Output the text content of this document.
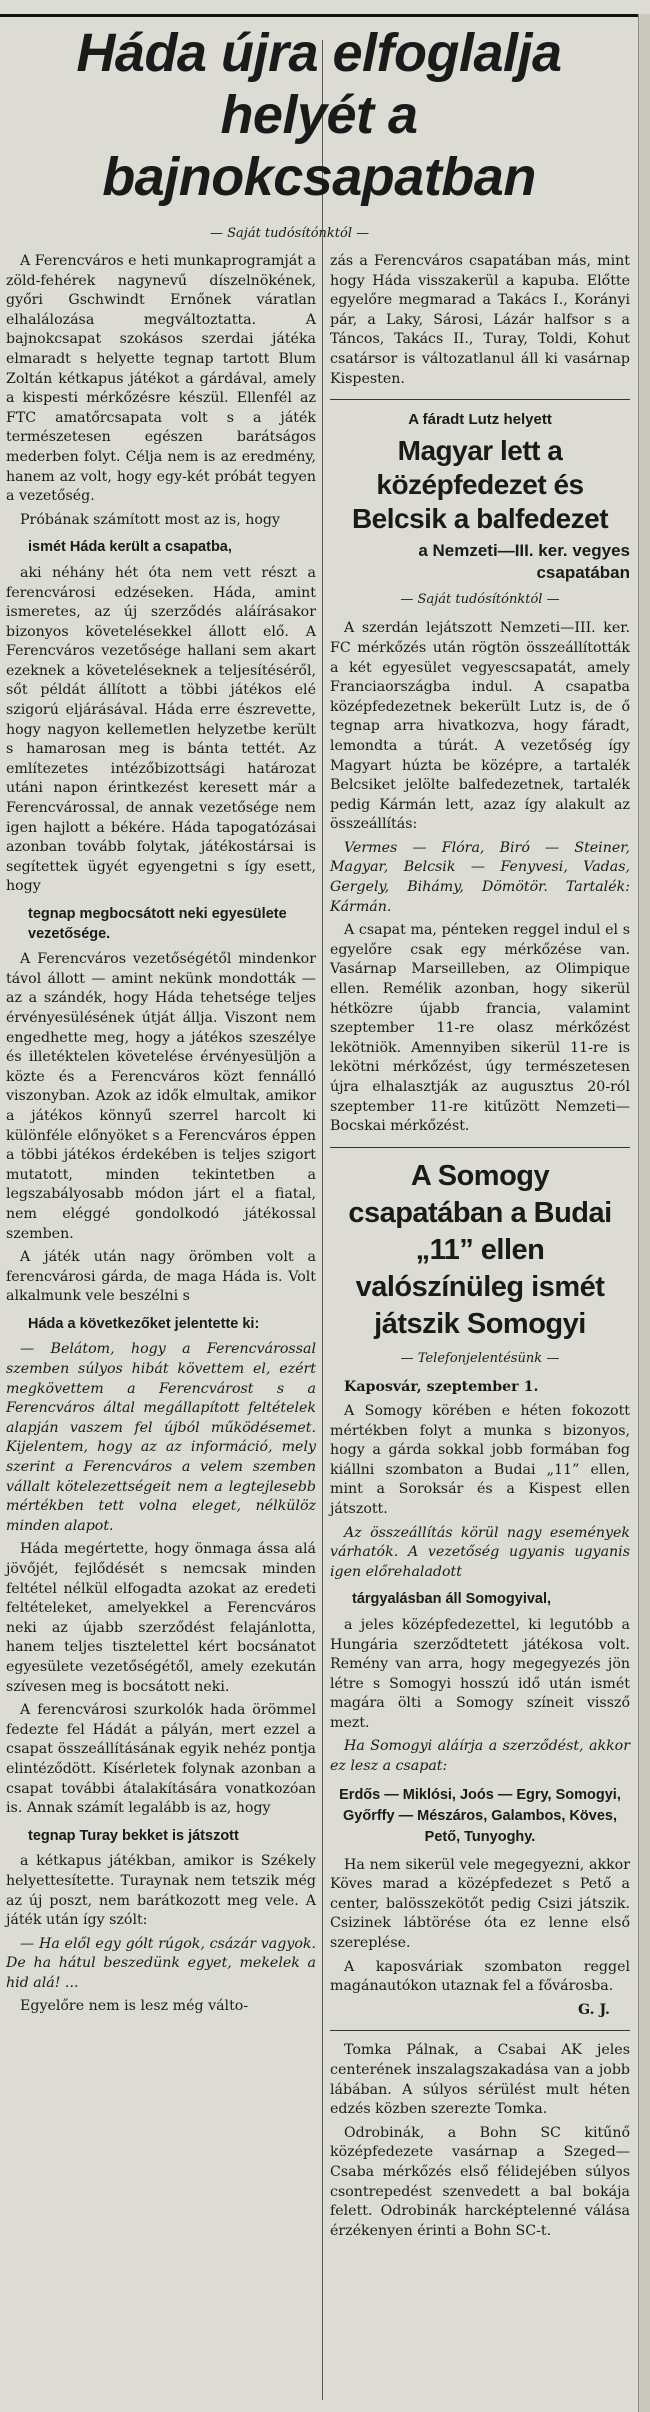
Háda újra elfoglalja helyét a bajnokcsapatban
— Saját tudósítónktól —

A Ferencváros e heti munkaprogramját a zöld-fehérek nagynevű díszelnökének, győri Gschwindt Ernőnek váratlan elhalálozása megváltoztatta. A bajnokcsapat szokásos szerdai játéka elmaradt s helyette tegnap tartott Blum Zoltán kétkapus játékot a gárdával, amely a kispesti mérkőzésre készül. Ellenfél az FTC amatőrcsapata volt s a játék természetesen egészen barátságos mederben folyt. Célja nem is az eredmény, hanem az volt, hogy egy-két próbát tegyen a vezetőség.

Próbának számított most az is, hogy

ismét Háda került a csapatba,

aki néhány hét óta nem vett részt a ferencvárosi edzéseken. Háda, amint ismeretes, az új szerződés aláírásakor bizonyos követelésekkel állott elő. A Ferencváros vezetősége hallani sem akart ezeknek a követeléseknek a teljesítéséről, sőt példát állított a többi játékos elé szigorú eljárásával. Háda erre észrevette, hogy nagyon kellemetlen helyzetbe került s hamarosan meg is bánta tettét. Az említezetes intézőbizottsági határozat utáni napon érintkezést keresett már a Ferencvárossal, de annak vezetősége nem igen hajlott a békére. Háda tapogatózásai azonban tovább folytak, játékostársai is segítettek ügyét egyengetni s így esett, hogy

tegnap megbocsátott neki egyesülete vezetősége.

A Ferencváros vezetőségétől mindenkor távol állott — amint nekünk mondották — az a szándék, hogy Háda tehetsége teljes érvényesülésének útját állja. Viszont nem engedhette meg, hogy a játékos szeszélye és illetéktelen követelése érvényesüljön a közte és a Ferencváros közt fennálló viszonyban. Azok az idők elmultak, amikor a játékos könnyű szerrel harcolt ki különféle előnyöket s a Ferencváros éppen a többi játékos érdekében is teljes szigort mutatott, minden tekintetben a legszabályosabb módon járt el a fiatal, nem eléggé gondolkodó játékossal szemben.

A játék után nagy örömben volt a ferencvárosi gárda, de maga Háda is. Volt alkalmunk vele beszélni s

Háda a következőket jelentette ki:

— Belátom, hogy a Ferencvárossal szemben súlyos hibát követtem el, ezért megkövettem a Ferencvárost s a Ferencváros által megállapított feltételek alapján vaszem fel újból működésemet. Kijelentem, hogy az az információ, mely szerint a Ferencváros a velem szemben vállalt kötelezettségeit nem a legtejlesebb mértékben tett volna eleget, nélkülöz minden alapot.

Háda megértette, hogy önmaga ássa alá jövőjét, fejlődését s nemcsak minden feltétel nélkül elfogadta azokat az eredeti feltételeket, amelyekkel a Ferencváros neki az újabb szerződést felajánlotta, hanem teljes tisztelettel kért bocsánatot egyesülete vezetőségétől, amely ezekután szívesen meg is bocsátott neki.

A ferencvárosi szurkolók hada örömmel fedezte fel Hádát a pályán, mert ezzel a csapat összeállításának egyik nehéz pontja elintéződött. Kísérletek folynak azonban a csapat további átalakítására vonatkozóan is. Annak számít legalább is az, hogy

tegnap Turay bekket is játszott

a kétkapus játékban, amikor is Székely helyettesítette. Turaynak nem tetszik még az új poszt, nem barátkozott meg vele. A játék után így szólt:

— Ha elől egy gólt rúgok, csázár vagyok. De ha hátul beszedünk egyet, mekelek a hid alá! ...

Egyelőre nem is lesz még válto-

zás a Ferencváros csapatában más, mint hogy Háda visszakerül a kapuba. Előtte egyelőre megmarad a Takács I., Korányi pár, a Laky, Sárosi, Lázár halfsor s a Táncos, Takács II., Turay, Toldi, Kohut csatársor is változatlanul áll ki vasárnap Kispesten.

A fáradt Lutz helyett
Magyar lett a középfedezet és Belcsik a balfedezet
a Nemzeti—III. ker. vegyes csapatában
— Saját tudósítónktól —

A szerdán lejátszott Nemzeti—III. ker. FC mérkőzés után rögtön összeállították a két egyesület vegyescsapatát, amely Franciaországba indul. A csapatba középfedezetnek bekerült Lutz is, de ő tegnap arra hivatkozva, hogy fáradt, lemondta a túrát. A vezetőség így Magyart húzta be középre, a tartalék Belcsiket jelölte balfedezetnek, tartalék pedig Kármán lett, azaz így alakult az összeállítás:

Vermes — Flóra, Biró — Steiner, Magyar, Belcsik — Fenyvesi, Vadas, Gergely, Bihámy, Dömötör. Tartalék: Kármán.

A csapat ma, pénteken reggel indul el s egyelőre csak egy mérkőzése van. Vasárnap Marseilleben, az Olimpique ellen. Remélik azonban, hogy sikerül hétközre újabb francia, valamint szeptember 11-re olasz mérkőzést lekötniök. Amennyiben sikerül 11-re is lekötni mérkőzést, úgy természetesen újra elhalasztják az augusztus 20-ról szeptember 11-re kitűzött Nemzeti—Bocskai mérkőzést.

A Somogy csapatában a Budai „11” ellen valószínüleg ismét játszik Somogyi
— Telefonjelentésünk —

Kaposvár, szeptember 1.

A Somogy körében e héten fokozott mértékben folyt a munka s bizonyos, hogy a gárda sokkal jobb formában fog kiállni szombaton a Budai „11” ellen, mint a Soroksár és a Kispest ellen játszott.

Az összeállítás körül nagy események várhatók. A vezetőség ugyanis ugyanis igen előrehaladott

tárgyalásban áll Somogyival,

a jeles középfedezettel, ki legutóbb a Hungária szerződtetett játékosa volt. Remény van arra, hogy megegyezés jön létre s Somogyi hosszú idő után ismét magára ölti a Somogy színeit vissző mezt.

Ha Somogyi aláírja a szerződést, akkor ez lesz a csapat:

Erdős — Miklósi, Joós — Egry, Somogyi, Győrffy — Mészáros, Galambos, Köves, Pető, Tunyoghy.

Ha nem sikerül vele megegyezni, akkor Köves marad a középfedezet s Pető a center, balösszekötőt pedig Csizi játszik. Csizinek lábtörése óta ez lenne első szereplése.

A kaposváriak szombaton reggel magánautókon utaznak fel a fővárosba.

G. J.

Tomka Pálnak, a Csabai AK jeles centerének inszalagszakadása van a jobb lábában. A súlyos sérülést mult héten edzés közben szerezte Tomka.

Odrobinák, a Bohn SC kitűnő középfedezete vasárnap a Szeged—Csaba mérkőzés első félidejében súlyos csontrepedést szenvedett a bal bokája felett. Odrobinák harcképtelenné válása érzékenyen érinti a Bohn SC-t.
